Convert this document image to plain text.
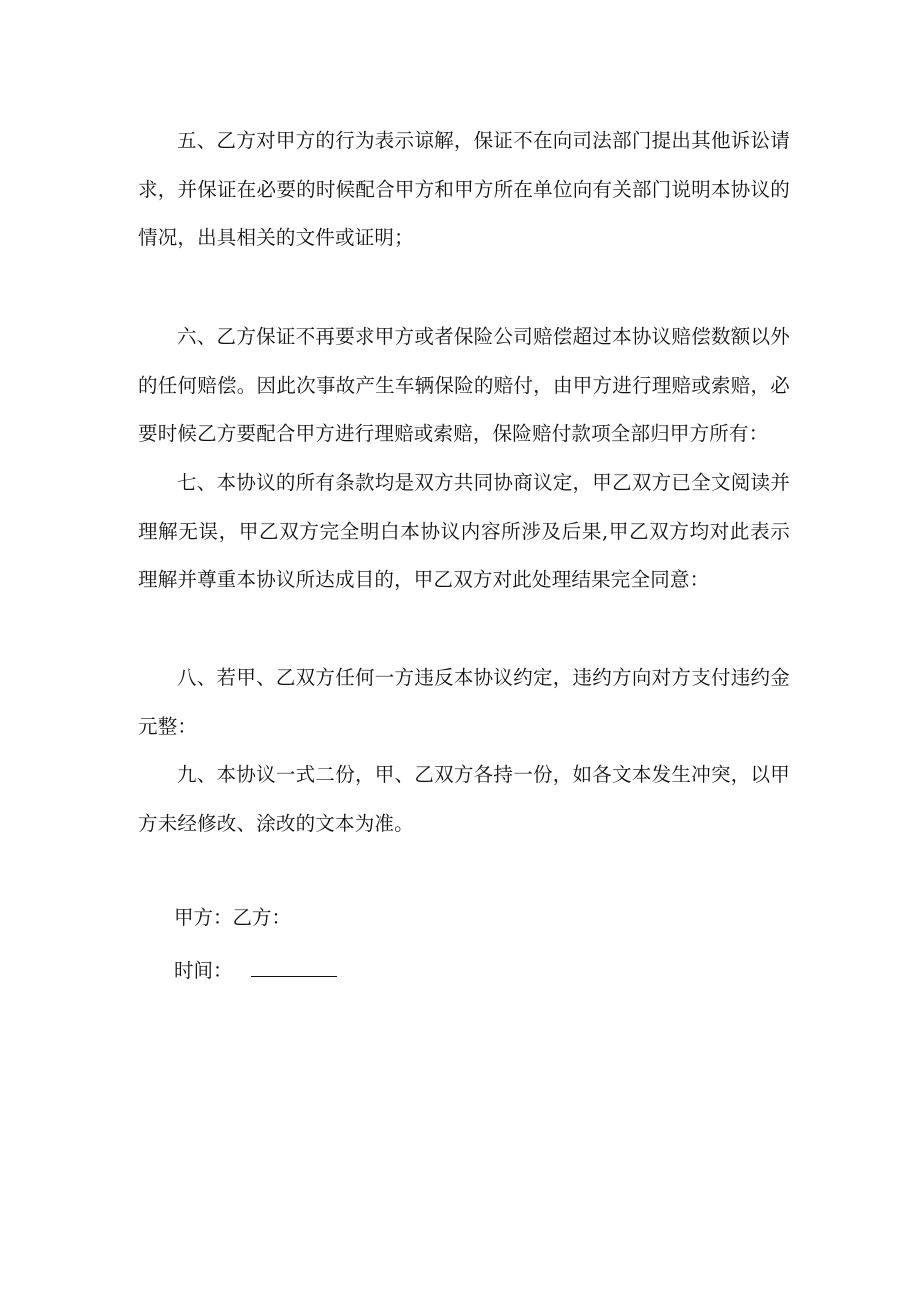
五、乙方对甲方的行为表示谅解，保证不在向司法部门提出其他诉讼请求，并保证在必要的时候配合甲方和甲方所在单位向有关部门说明本协议的情况，出具相关的文件或证明；

六、乙方保证不再要求甲方或者保险公司赔偿超过本协议赔偿数额以外的任何赔偿。因此次事故产生车辆保险的赔付，由甲方进行理赔或索赔，必要时候乙方要配合甲方进行理赔或索赔，保险赔付款项全部归甲方所有：

七、本协议的所有条款均是双方共同协商议定，甲乙双方已全文阅读并理解无误，甲乙双方完全明白本协议内容所涉及后果,甲乙双方均对此表示理解并尊重本协议所达成目的，甲乙双方对此处理结果完全同意：

八、若甲、乙双方任何一方违反本协议约定，违约方向对方支付违约金元整：

九、本协议一式二份，甲、乙双方各持一份，如各文本发生冲突，以甲方未经修改、涂改的文本为准。

甲方：乙方：

时间：
